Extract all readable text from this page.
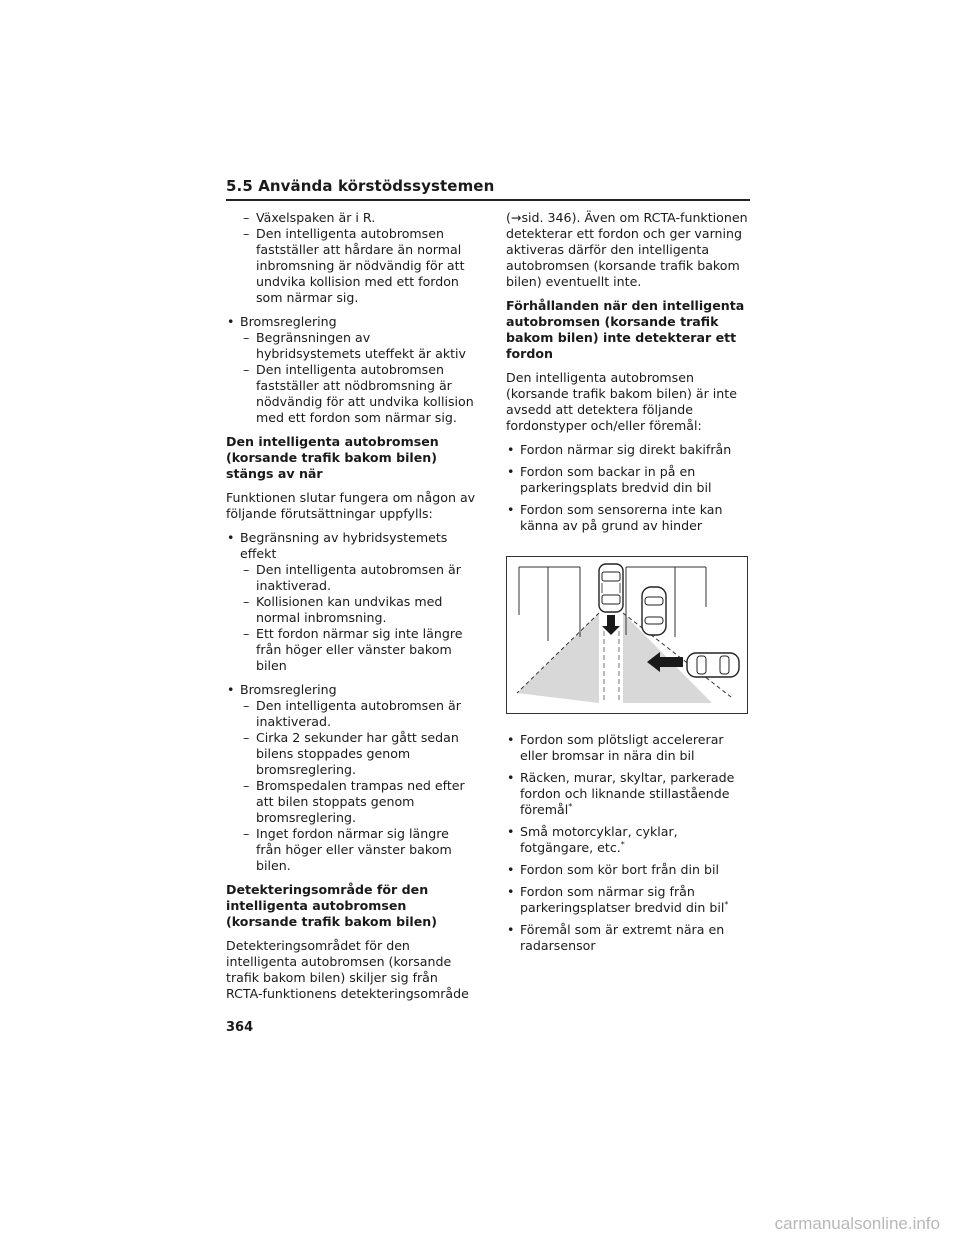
5.5 Använda körstödssystemen
– Växelspaken är i R.
– Den intelligenta autobromsen fastställer att hårdare än normal inbromsning är nödvändig för att undvika kollision med ett fordon som närmar sig.
• Bromsreglering
– Begränsningen av hybridsystemets uteffekt är aktiv
– Den intelligenta autobromsen fastställer att nödbromsning är nödvändig för att undvika kollision med ett fordon som närmar sig.

Den intelligenta autobromsen (korsande trafik bakom bilen) stängs av när

Funktionen slutar fungera om någon av följande förutsättningar uppfylls:

• Begränsning av hybridsystemets effekt
– Den intelligenta autobromsen är inaktiverad.
– Kollisionen kan undvikas med normal inbromsning.
– Ett fordon närmar sig inte längre från höger eller vänster bakom bilen
• Bromsreglering
– Den intelligenta autobromsen är inaktiverad.
– Cirka 2 sekunder har gått sedan bilens stoppades genom bromsreglering.
– Bromspedalen trampas ned efter att bilen stoppats genom bromsreglering.
– Inget fordon närmar sig längre från höger eller vänster bakom bilen.

Detekteringsområde för den intelligenta autobromsen (korsande trafik bakom bilen)

Detekteringsområdet för den intelligenta autobromsen (korsande trafik bakom bilen) skiljer sig från RCTA-funktionens detekteringsområde

(→sid. 346). Även om RCTA-funktionen detekterar ett fordon och ger varning aktiveras därför den intelligenta autobromsen (korsande trafik bakom bilen) eventuellt inte.

Förhållanden när den intelligenta autobromsen (korsande trafik bakom bilen) inte detekterar ett fordon

Den intelligenta autobromsen (korsande trafik bakom bilen) är inte avsedd att detektera följande fordonstyper och/eller föremål:

• Fordon närmar sig direkt bakifrån
• Fordon som backar in på en parkeringsplats bredvid din bil
• Fordon som sensorerna inte kan känna av på grund av hinder
• Fordon som plötsligt accelererar eller bromsar in nära din bil
• Räcken, murar, skyltar, parkerade fordon och liknande stillastående föremål*
• Små motorcyklar, cyklar, fotgängare, etc.*
• Fordon som kör bort från din bil
• Fordon som närmar sig från parkeringsplatser bredvid din bil*
• Föremål som är extremt nära en radarsensor
364
carmanualsonline.info
